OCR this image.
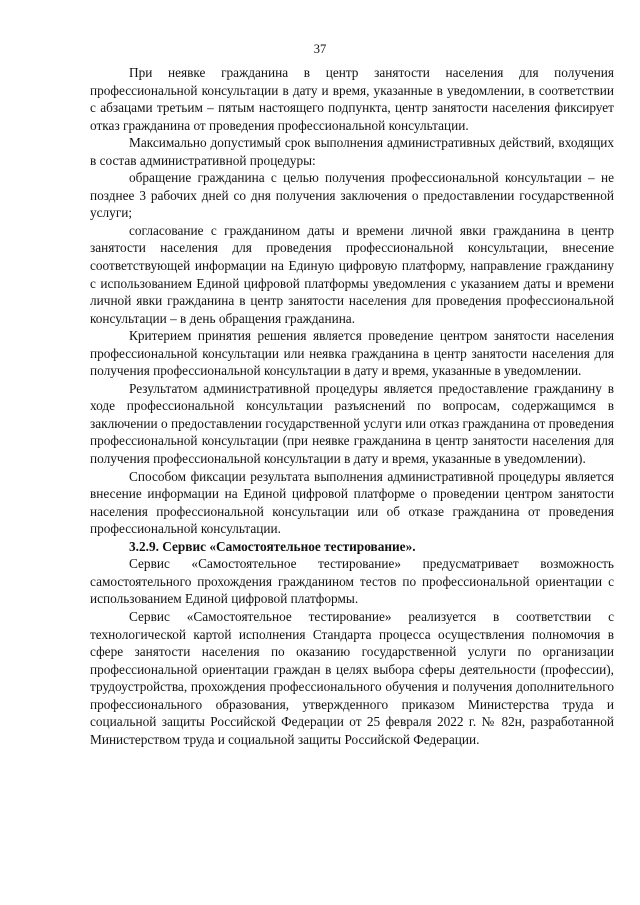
37

При неявке гражданина в центр занятости населения для получения профессиональной консультации в дату и время, указанные в уведомлении, в соответствии с абзацами третьим – пятым настоящего подпункта, центр занятости населения фиксирует отказ гражданина от проведения профессиональной консультации.

Максимально допустимый срок выполнения административных действий, входящих в состав административной процедуры:

обращение гражданина с целью получения профессиональной консультации – не позднее 3 рабочих дней со дня получения заключения о предоставлении государственной услуги;

согласование с гражданином даты и времени личной явки гражданина в центр занятости населения для проведения профессиональной консультации, внесение соответствующей информации на Единую цифровую платформу, направление гражданину с использованием Единой цифровой платформы уведомления с указанием даты и времени личной явки гражданина в центр занятости населения для проведения профессиональной консультации – в день обращения гражданина.

Критерием принятия решения является проведение центром занятости населения профессиональной консультации или неявка гражданина в центр занятости населения для получения профессиональной консультации в дату и время, указанные в уведомлении.

Результатом административной процедуры является предоставление гражданину в ходе профессиональной консультации разъяснений по вопросам, содержащимся в заключении о предоставлении государственной услуги или отказ гражданина от проведения профессиональной консультации (при неявке гражданина в центр занятости населения для получения профессиональной консультации в дату и время, указанные в уведомлении).

Способом фиксации результата выполнения административной процедуры является внесение информации на Единой цифровой платформе о проведении центром занятости населения профессиональной консультации или об отказе гражданина от проведения профессиональной консультации.

3.2.9. Сервис «Самостоятельное тестирование».

Сервис «Самостоятельное тестирование» предусматривает возможность самостоятельного прохождения гражданином тестов по профессиональной ориентации с использованием Единой цифровой платформы.

Сервис «Самостоятельное тестирование» реализуется в соответствии с технологической картой исполнения Стандарта процесса осуществления полномочия в сфере занятости населения по оказанию государственной услуги по организации профессиональной ориентации граждан в целях выбора сферы деятельности (профессии), трудоустройства, прохождения профессионального обучения и получения дополнительного профессионального образования, утвержденного приказом Министерства труда и социальной защиты Российской Федерации от 25 февраля 2022 г. № 82н, разработанной Министерством труда и социальной защиты Российской Федерации.
